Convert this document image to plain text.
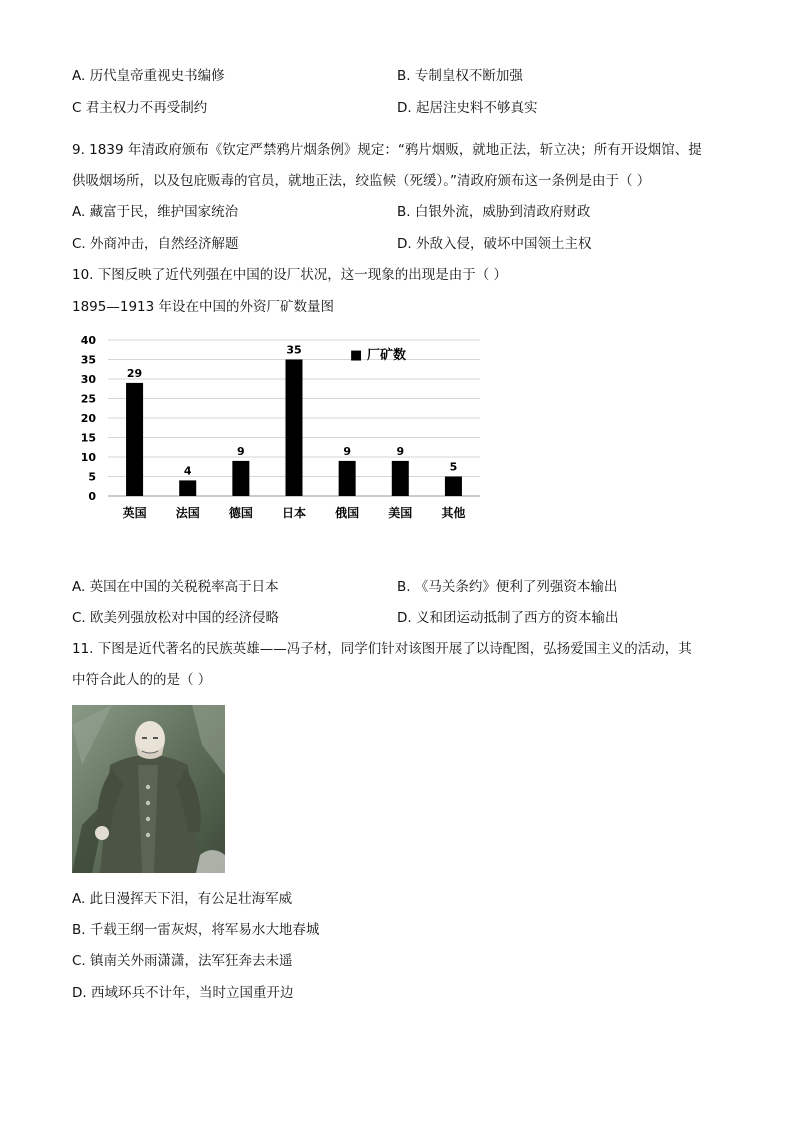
A. 历代皇帝重视史书编修	B. 专制皇权不断加强
C 君主权力不再受制约	D. 起居注史料不够真实
9. 1839 年清政府颁布《钦定严禁鸦片烟条例》规定：“鸦片烟贩，就地正法，斩立决；所有开设烟馆、提
供吸烟场所，以及包庇贩毒的官员，就地正法，绞监候（死缓）。”清政府颁布这一条例是由于（ ）
A. 藏富于民，维护国家统治	B. 白银外流，威胁到清政府财政
C. 外商冲击，自然经济解题	D. 外敌入侵，破坏中国领土主权
10. 下图反映了近代列强在中国的设厂状况，这一现象的出现是由于（ ）
1895—1913 年设在中国的外资厂矿数量图
0
5
10
15
20
25
30
35
40
29
4
9
35
9	9
5
英国 法国 德国 日本 俄国 美国 其他
■ 厂矿数
A. 英国在中国的关税税率高于日本	B. 《马关条约》便利了列强资本输出
C. 欧美列强放松对中国的经济侵略	D. 义和团运动抵制了西方的资本输出
11. 下图是近代著名的民族英雄——冯子材，同学们针对该图开展了以诗配图，弘扬爱国主义的活动，其
中符合此人的的是（ ）
A. 此日漫挥天下泪，有公足壮海军威
B. 千载王纲一雷灰烬，将军易水大地春城
C. 镇南关外雨潇潇，法军狂奔去未遥
D. 西域环兵不计年，当时立国重开边
